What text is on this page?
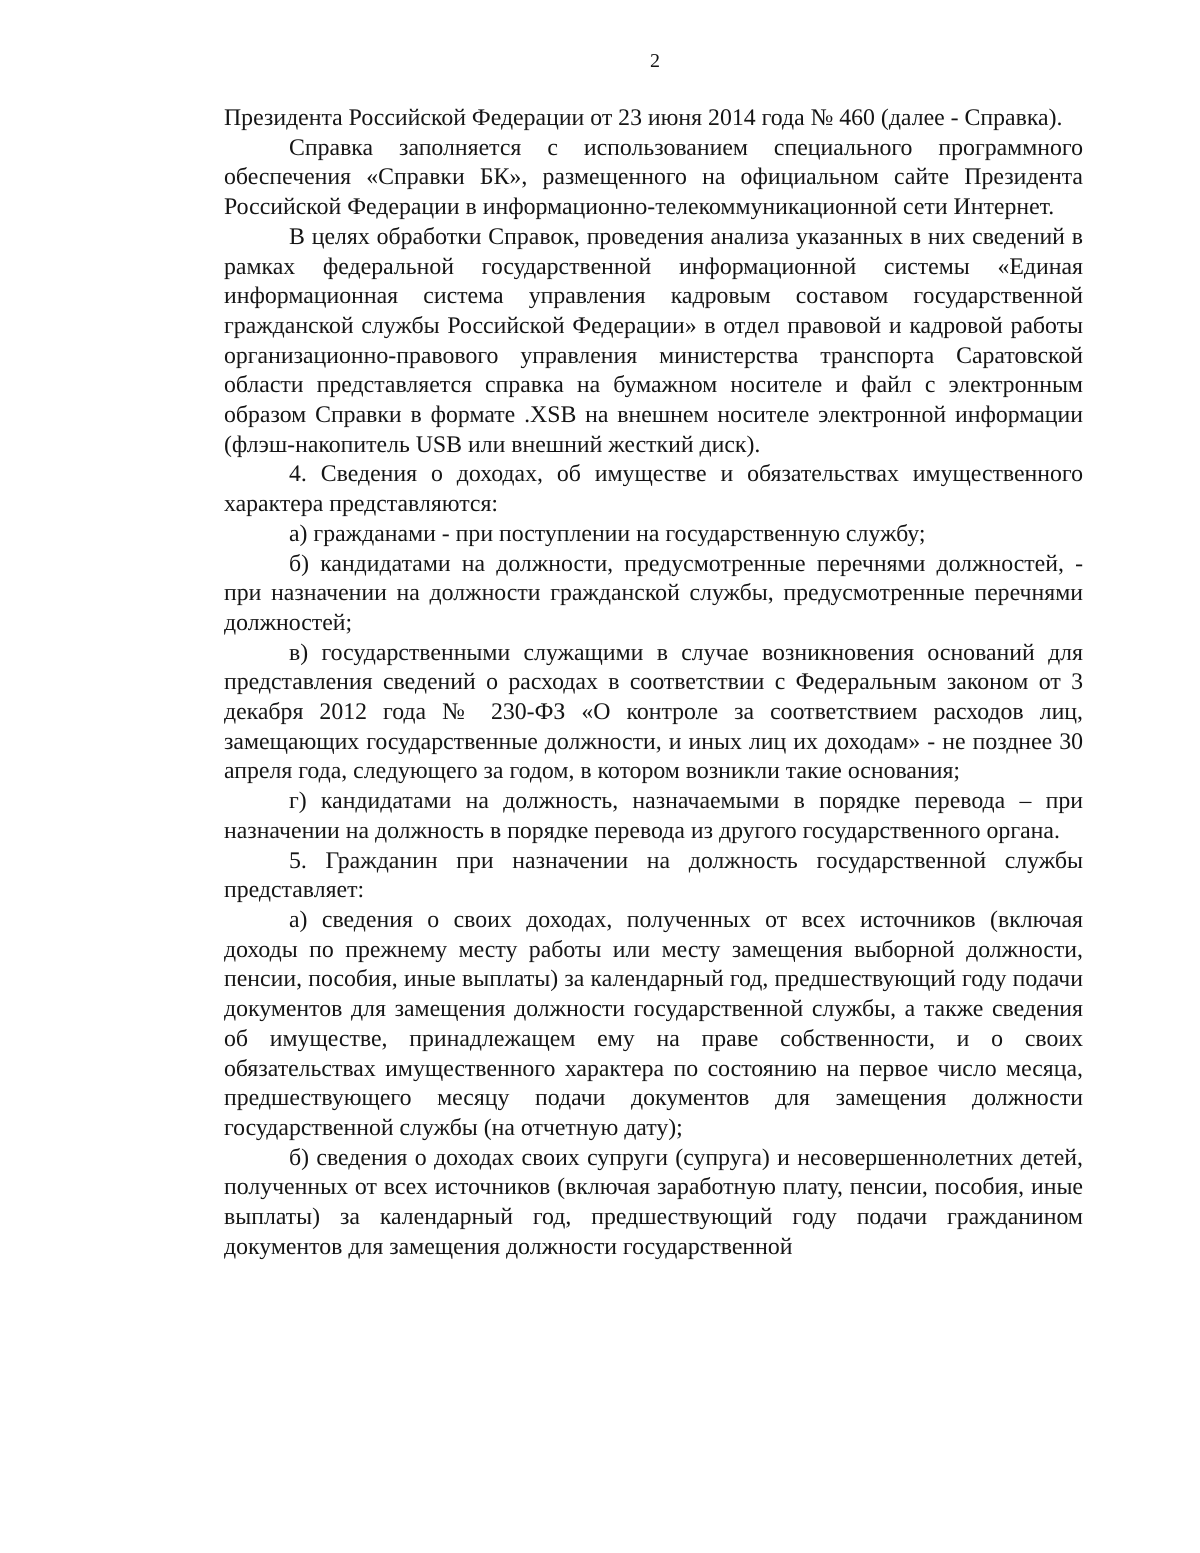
2

Президента Российской Федерации от 23 июня 2014 года № 460 (далее - Справка).

Справка заполняется с использованием специального программного обеспечения «Справки БК», размещенного на официальном сайте Президента Российской Федерации в информационно-телекоммуникационной сети Интернет.

В целях обработки Справок, проведения анализа указанных в них сведений в рамках федеральной государственной информационной системы «Единая информационная система управления кадровым составом государственной гражданской службы Российской Федерации» в отдел правовой и кадровой работы организационно-правового управления министерства транспорта Саратовской области представляется справка на бумажном носителе и файл с электронным образом Справки в формате .XSB на внешнем носителе электронной информации (флэш-накопитель USB или внешний жесткий диск).

4. Сведения о доходах, об имуществе и обязательствах имущественного характера представляются:

а) гражданами - при поступлении на государственную службу;

б) кандидатами на должности, предусмотренные перечнями должностей, - при назначении на должности гражданской службы, предусмотренные перечнями должностей;

в) государственными служащими в случае возникновения оснований для представления сведений о расходах в соответствии с Федеральным законом от 3 декабря 2012 года № 230-ФЗ «О контроле за соответствием расходов лиц, замещающих государственные должности, и иных лиц их доходам» - не позднее 30 апреля года, следующего за годом, в котором возникли такие основания;

г) кандидатами на должность, назначаемыми в порядке перевода – при назначении на должность в порядке перевода из другого государственного органа.

5. Гражданин при назначении на должность государственной службы представляет:

а) сведения о своих доходах, полученных от всех источников (включая доходы по прежнему месту работы или месту замещения выборной должности, пенсии, пособия, иные выплаты) за календарный год, предшествующий году подачи документов для замещения должности государственной службы, а также сведения об имуществе, принадлежащем ему на праве собственности, и о своих обязательствах имущественного характера по состоянию на первое число месяца, предшествующего месяцу подачи документов для замещения должности государственной службы (на отчетную дату);

б) сведения о доходах своих супруги (супруга) и несовершеннолетних детей, полученных от всех источников (включая заработную плату, пенсии, пособия, иные выплаты) за календарный год, предшествующий году подачи гражданином документов для замещения должности государственной
